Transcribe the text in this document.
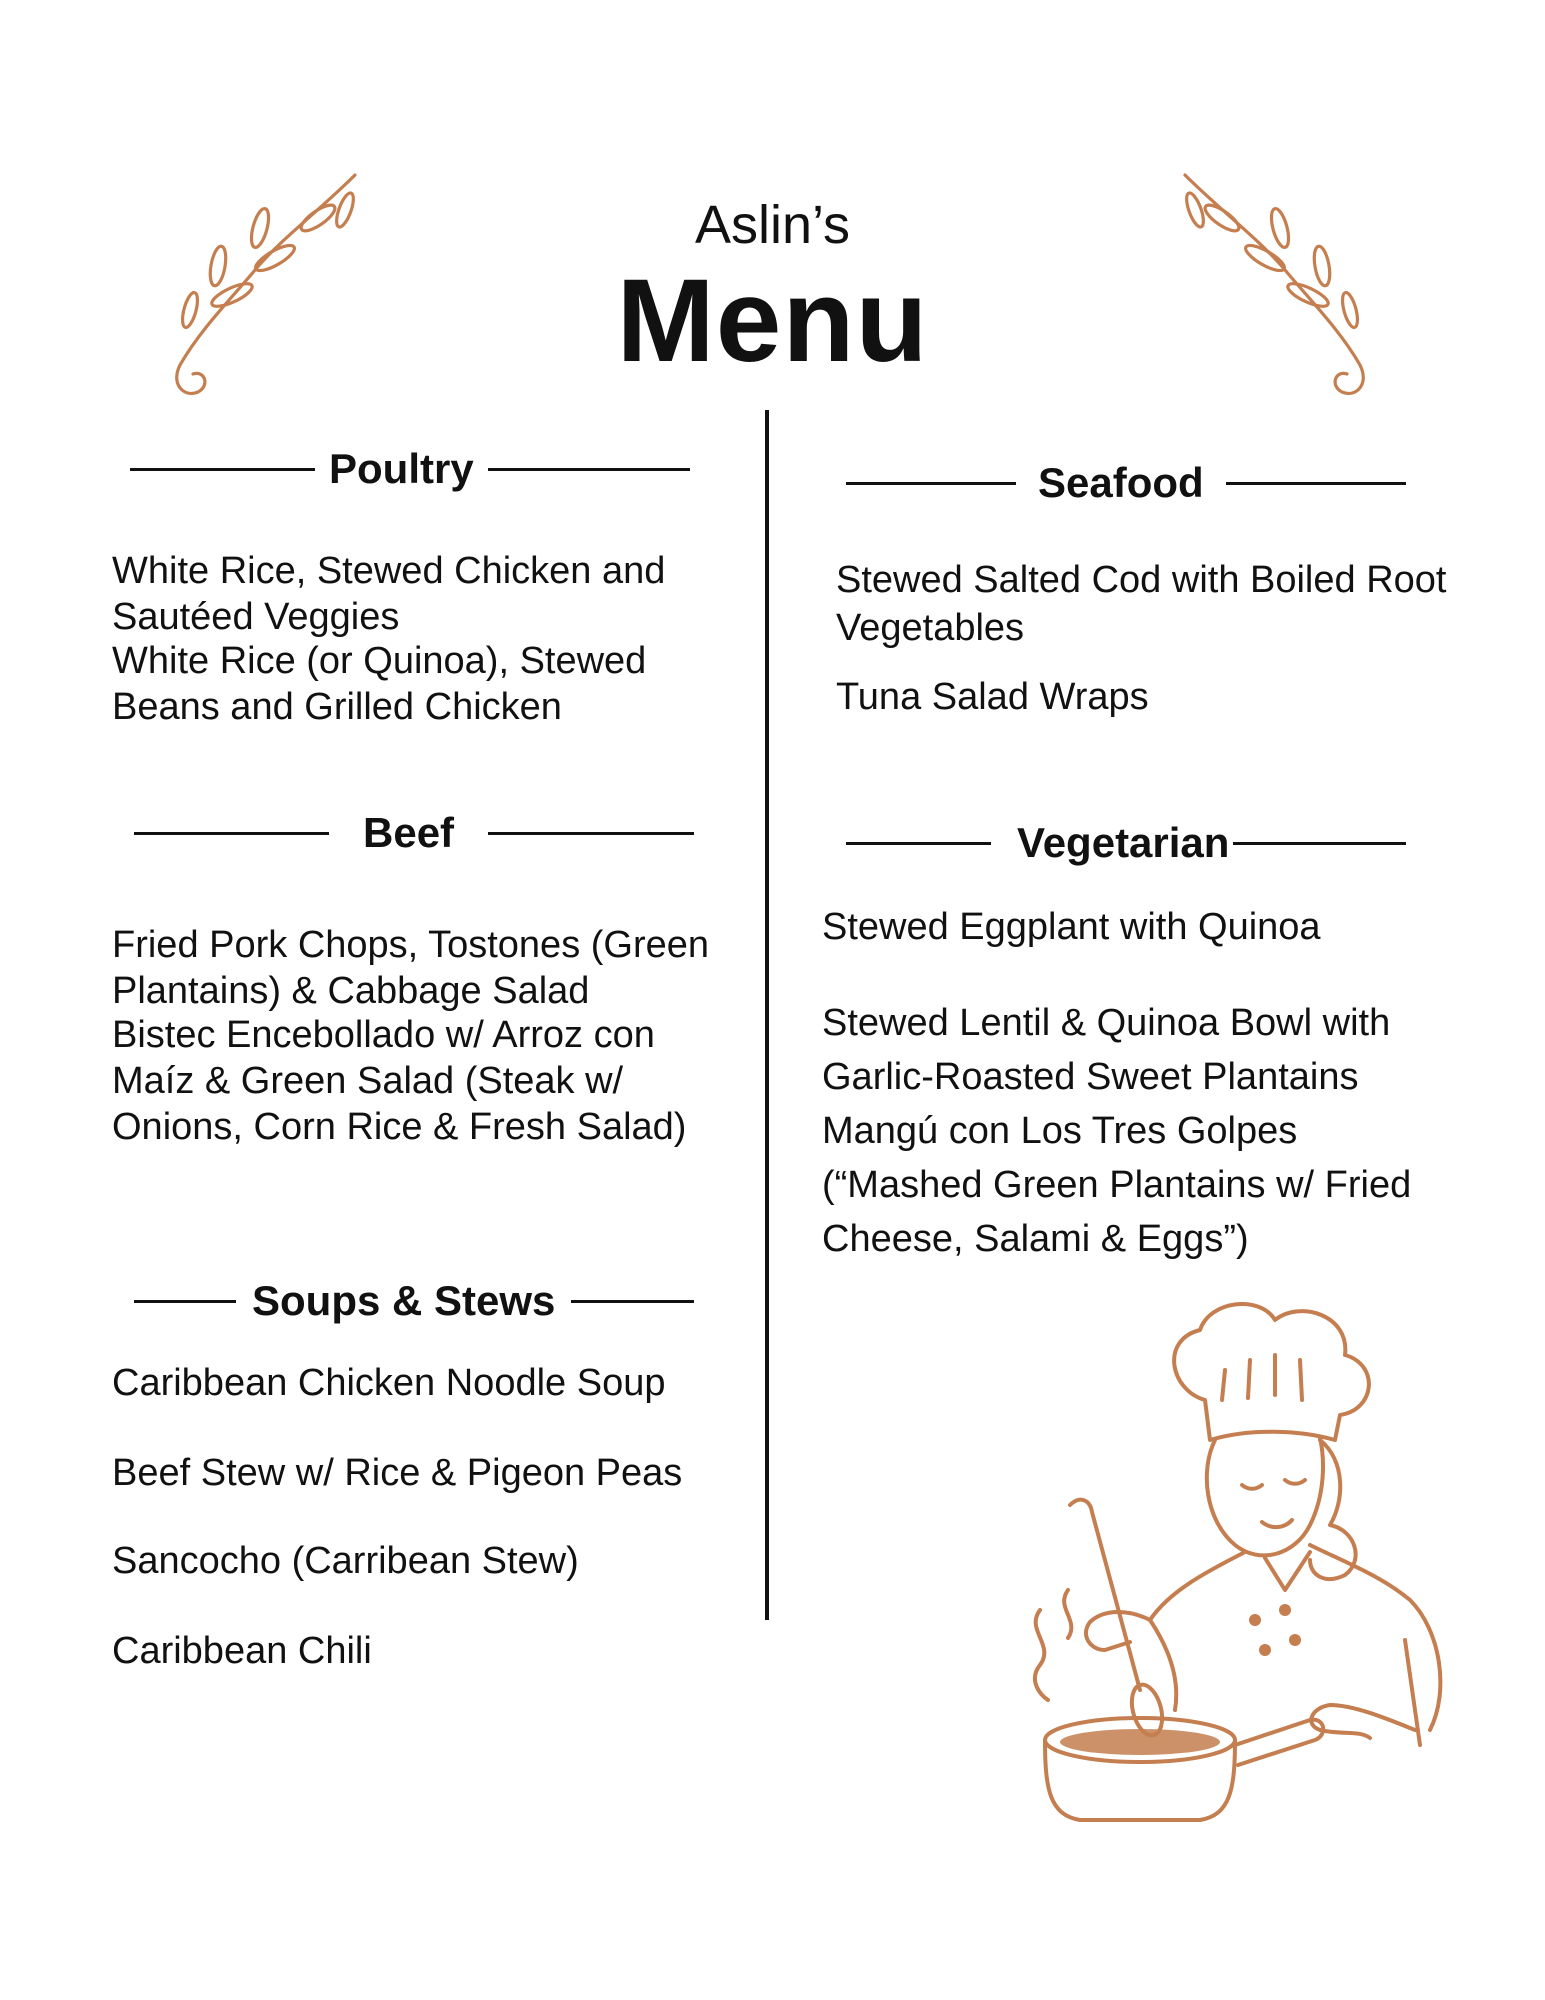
Aslin’s
Menu
Poultry
White Rice, Stewed Chicken and Sautéed Veggies
White Rice (or Quinoa), Stewed Beans and Grilled Chicken
Beef
Fried Pork Chops, Tostones (Green Plantains) & Cabbage Salad
Bistec Encebollado w/ Arroz con Maíz & Green Salad (Steak w/ Onions, Corn Rice & Fresh Salad)
Soups & Stews
Caribbean Chicken Noodle Soup
Beef Stew w/ Rice & Pigeon Peas
Sancocho (Carribean Stew)
Caribbean Chili
Seafood
Stewed Salted Cod with Boiled Root Vegetables
Tuna Salad Wraps
Vegetarian
Stewed Eggplant with Quinoa
Stewed Lentil & Quinoa Bowl with Garlic-Roasted Sweet Plantains
Mangú con Los Tres Golpes (“Mashed Green Plantains w/ Fried Cheese, Salami & Eggs”)
